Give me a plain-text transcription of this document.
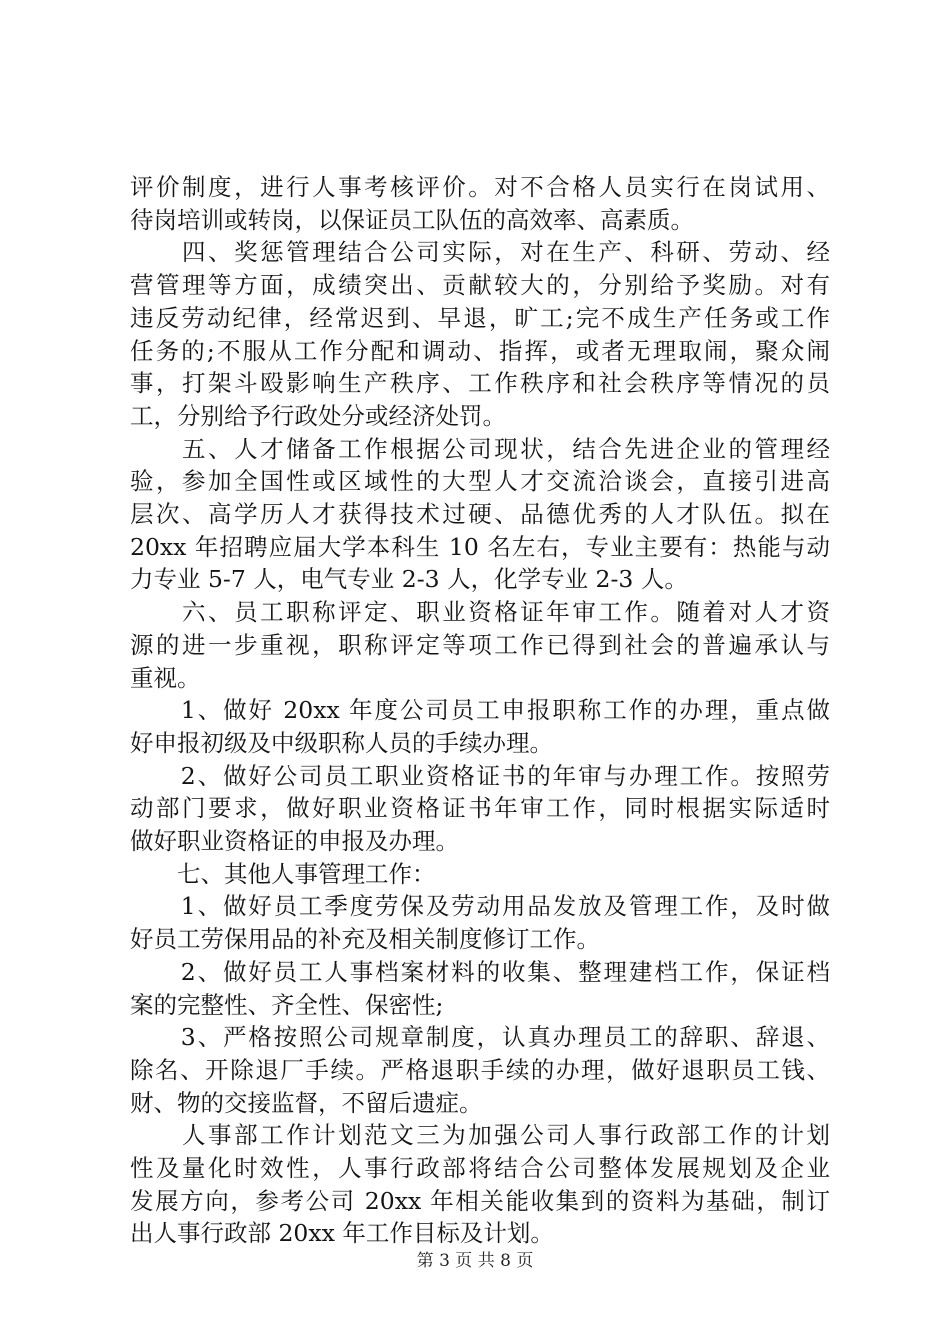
评价制度，进行人事考核评价。对不合格人员实行在岗试用、
待岗培训或转岗，以保证员工队伍的高效率、高素质。
　　四、奖惩管理结合公司实际，对在生产、科研、劳动、经
营管理等方面，成绩突出、贡献较大的，分别给予奖励。对有
违反劳动纪律，经常迟到、早退，旷工;完不成生产任务或工作
任务的;不服从工作分配和调动、指挥，或者无理取闹，聚众闹
事，打架斗殴影响生产秩序、工作秩序和社会秩序等情况的员
工，分别给予行政处分或经济处罚。
　　五、人才储备工作根据公司现状，结合先进企业的管理经
验，参加全国性或区域性的大型人才交流洽谈会，直接引进高
层次、高学历人才获得技术过硬、品德优秀的人才队伍。拟在
20xx 年招聘应届大学本科生 10 名左右，专业主要有：热能与动
力专业 5-7 人，电气专业 2-3 人，化学专业 2-3 人。
　　六、员工职称评定、职业资格证年审工作。随着对人才资
源的进一步重视，职称评定等项工作已得到社会的普遍承认与
重视。
　　1、做好 20xx 年度公司员工申报职称工作的办理，重点做
好申报初级及中级职称人员的手续办理。
　　2、做好公司员工职业资格证书的年审与办理工作。按照劳
动部门要求，做好职业资格证书年审工作，同时根据实际适时
做好职业资格证的申报及办理。
　　七、其他人事管理工作：
　　1、做好员工季度劳保及劳动用品发放及管理工作，及时做
好员工劳保用品的补充及相关制度修订工作。
　　2、做好员工人事档案材料的收集、整理建档工作，保证档
案的完整性、齐全性、保密性;
　　3、严格按照公司规章制度，认真办理员工的辞职、辞退、
除名、开除退厂手续。严格退职手续的办理，做好退职员工钱、
财、物的交接监督，不留后遗症。
　　人事部工作计划范文三为加强公司人事行政部工作的计划
性及量化时效性，人事行政部将结合公司整体发展规划及企业
发展方向，参考公司 20xx 年相关能收集到的资料为基础，制订
出人事行政部 20xx 年工作目标及计划。
第 3 页 共 8 页
